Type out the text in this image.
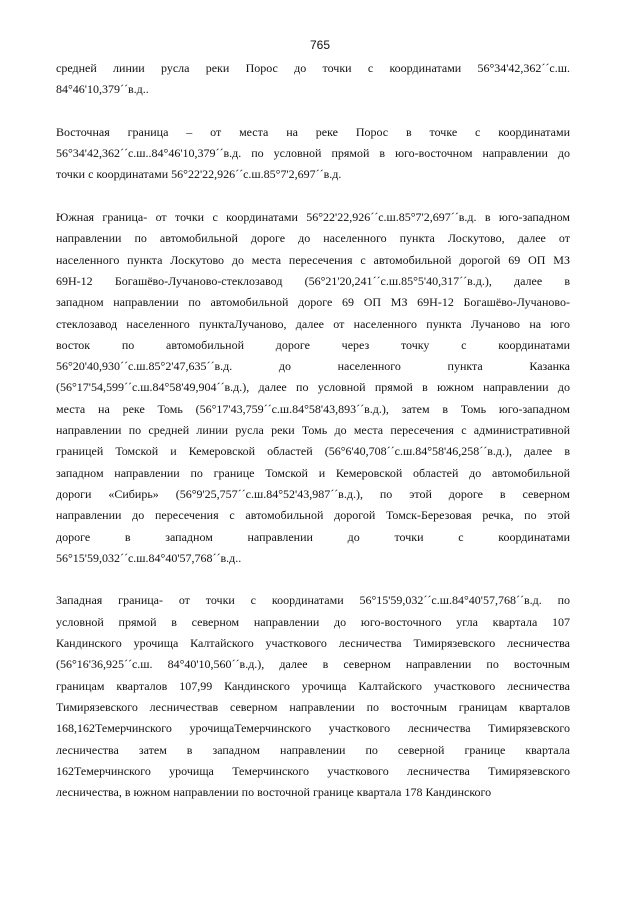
765
средней линии русла реки Порос до точки с координатами 56°34'42,362´´с.ш.
84°46'10,379´´в.д..
Восточная граница – от места на реке Порос в точке с координатами
56°34'42,362´´с.ш..84°46'10,379´´в.д. по условной прямой в юго-восточном направлении до
точки с координатами 56°22'22,926´´с.ш.85°7'2,697´´в.д.
Южная граница- от точки с координатами 56°22'22,926´´с.ш.85°7'2,697´´в.д. в юго-западном
направлении по автомобильной дороге до населенного пункта Лоскутово, далее от
населенного пункта Лоскутово до места пересечения с автомобильной дорогой 69 ОП МЗ
69Н-12 Богашёво-Лучаново-стеклозавод (56°21'20,241´´с.ш.85°5'40,317´´в.д.), далее в
западном направлении по автомобильной дороге 69 ОП МЗ 69Н-12 Богашёво-Лучаново-
стеклозавод населенного пунктаЛучаново, далее от населенного пункта Лучаново на юго
восток по автомобильной дороге через точку с координатами
56°20'40,930´´с.ш.85°2'47,635´´в.д. до населенного пункта Казанка
(56°17'54,599´´с.ш.84°58'49,904´´в.д.), далее по условной прямой в южном направлении до
места на реке Томь (56°17'43,759´´с.ш.84°58'43,893´´в.д.), затем в Томь юго-западном
направлении по средней линии русла реки Томь до места пересечения с административной
границей Томской и Кемеровской областей (56°6'40,708´´с.ш.84°58'46,258´´в.д.), далее в
западном направлении по границе Томской и Кемеровской областей до автомобильной
дороги «Сибирь» (56°9'25,757´´с.ш.84°52'43,987´´в.д.), по этой дороге в северном
направлении до пересечения с автомобильной дорогой Томск-Березовая речка, по этой
дороге в западном направлении до точки с координатами
56°15'59,032´´с.ш.84°40'57,768´´в.д..
Западная граница- от точки с координатами 56°15'59,032´´с.ш.84°40'57,768´´в.д. по
условной прямой в северном направлении до юго-восточного угла квартала 107
Кандинского урочища Калтайского участкового лесничества Тимирязевского лесничества
(56°16'36,925´´с.ш. 84°40'10,560´´в.д.), далее в северном направлении по восточным
границам кварталов 107,99 Кандинского урочища Калтайского участкового лесничества
Тимирязевского лесничествав северном направлении по восточным границам кварталов
168,162Темерчинского урочищаТемерчинского участкового лесничества Тимирязевского
лесничества затем в западном направлении по северной границе квартала
162Темерчинского урочища Темерчинского участкового лесничества Тимирязевского
лесничества, в южном направлении по восточной границе квартала 178 Кандинского
